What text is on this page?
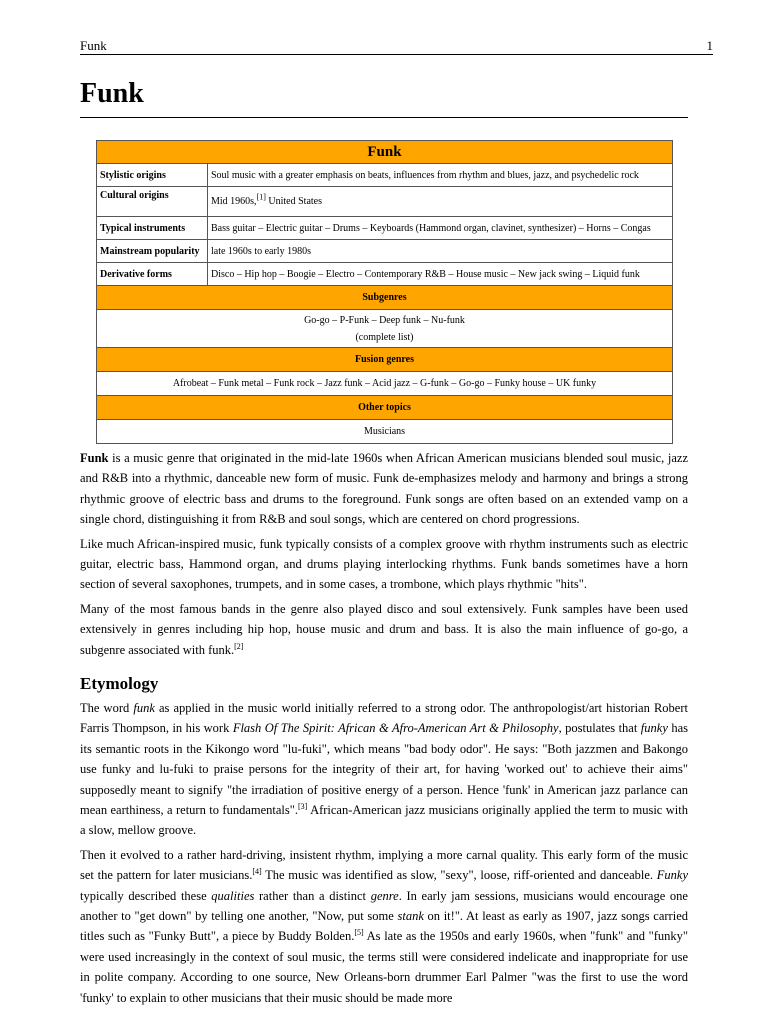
Funk	1
Funk
Funk	
Stylistic origins	Soul music with a greater emphasis on beats, influences from rhythm and blues, jazz, and psychedelic rock
Cultural origins	Mid 1960s,[1] United States
Typical instruments	Bass guitar – Electric guitar – Drums – Keyboards (Hammond organ, clavinet, synthesizer) – Horns – Congas
Mainstream popularity	late 1960s to early 1980s
Derivative forms	Disco – Hip hop – Boogie – Electro – Contemporary R&B – House music – New jack swing – Liquid funk
Subgenres	

Go-go – P-Funk – Deep funk – Nu-funk
(complete list)	

Fusion genres	
Afrobeat – Funk metal – Funk rock – Jazz funk – Acid jazz – G-funk – Go-go – Funky house – UK funky	
Other topics	
Musicians	

Funk is a music genre that originated in the mid-late 1960s when African American musicians blended soul music, jazz and R&B into a rhythmic, danceable new form of music. Funk de-emphasizes melody and harmony and brings a strong rhythmic groove of electric bass and drums to the foreground. Funk songs are often based on an extended vamp on a single chord, distinguishing it from R&B and soul songs, which are centered on chord progressions.

Like much African-inspired music, funk typically consists of a complex groove with rhythm instruments such as electric guitar, electric bass, Hammond organ, and drums playing interlocking rhythms. Funk bands sometimes have a horn section of several saxophones, trumpets, and in some cases, a trombone, which plays rhythmic "hits".

Many of the most famous bands in the genre also played disco and soul extensively. Funk samples have been used extensively in genres including hip hop, house music and drum and bass. It is also the main influence of go-go, a subgenre associated with funk.[2]

Etymology

The word funk as applied in the music world initially referred to a strong odor. The anthropologist/art historian Robert Farris Thompson, in his work Flash Of The Spirit: African & Afro-American Art & Philosophy, postulates that funky has its semantic roots in the Kikongo word "lu-fuki", which means "bad body odor". He says: "Both jazzmen and Bakongo use funky and lu-fuki to praise persons for the integrity of their art, for having 'worked out' to achieve their aims" supposedly meant to signify "the irradiation of positive energy of a person. Hence 'funk' in American jazz parlance can mean earthiness, a return to fundamentals".[3] African-American jazz musicians originally applied the term to music with a slow, mellow groove.

Then it evolved to a rather hard-driving, insistent rhythm, implying a more carnal quality. This early form of the music set the pattern for later musicians.[4] The music was identified as slow, "sexy", loose, riff-oriented and danceable. Funky typically described these qualities rather than a distinct genre. In early jam sessions, musicians would encourage one another to "get down" by telling one another, "Now, put some stank on it!". At least as early as 1907, jazz songs carried titles such as "Funky Butt", a piece by Buddy Bolden.[5] As late as the 1950s and early 1960s, when "funk" and "funky" were used increasingly in the context of soul music, the terms still were considered indelicate and inappropriate for use in polite company. According to one source, New Orleans-born drummer Earl Palmer "was the first to use the word 'funky' to explain to other musicians that their music should be made more
